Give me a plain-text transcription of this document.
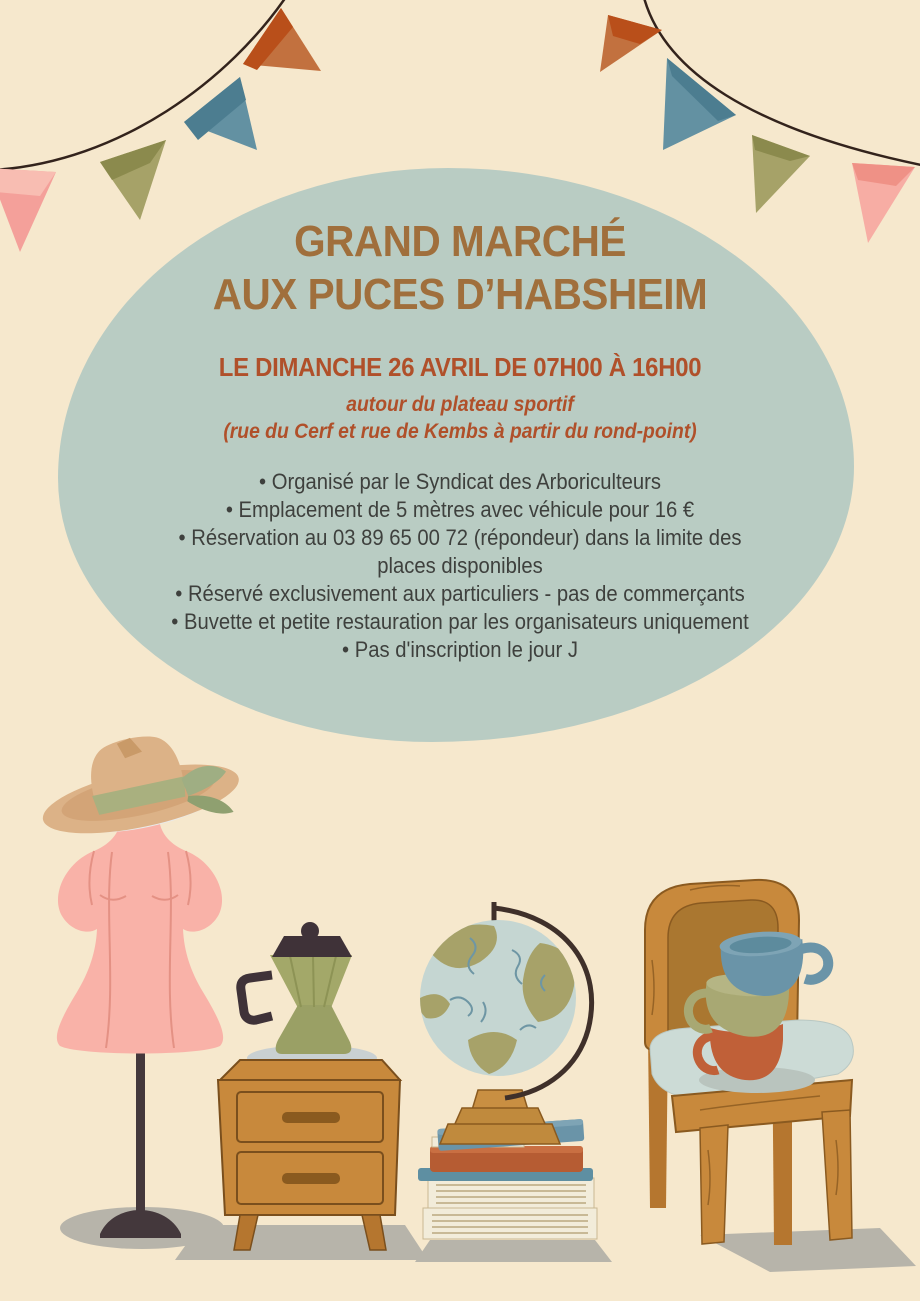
GRAND MARCHÉ
AUX PUCES D’HABSHEIM
LE DIMANCHE 26 AVRIL DE 07H00 À 16H00
autour du plateau sportif
(rue du Cerf et rue de Kembs à partir du rond-point)
• Organisé par le Syndicat des Arboriculteurs
• Emplacement de 5 mètres avec véhicule pour 16 €
• Réservation au 03 89 65 00 72 (répondeur) dans la limite des places disponibles
• Réservé exclusivement aux particuliers - pas de commerçants
• Buvette et petite restauration par les organisateurs uniquement
• Pas d'inscription le jour J
